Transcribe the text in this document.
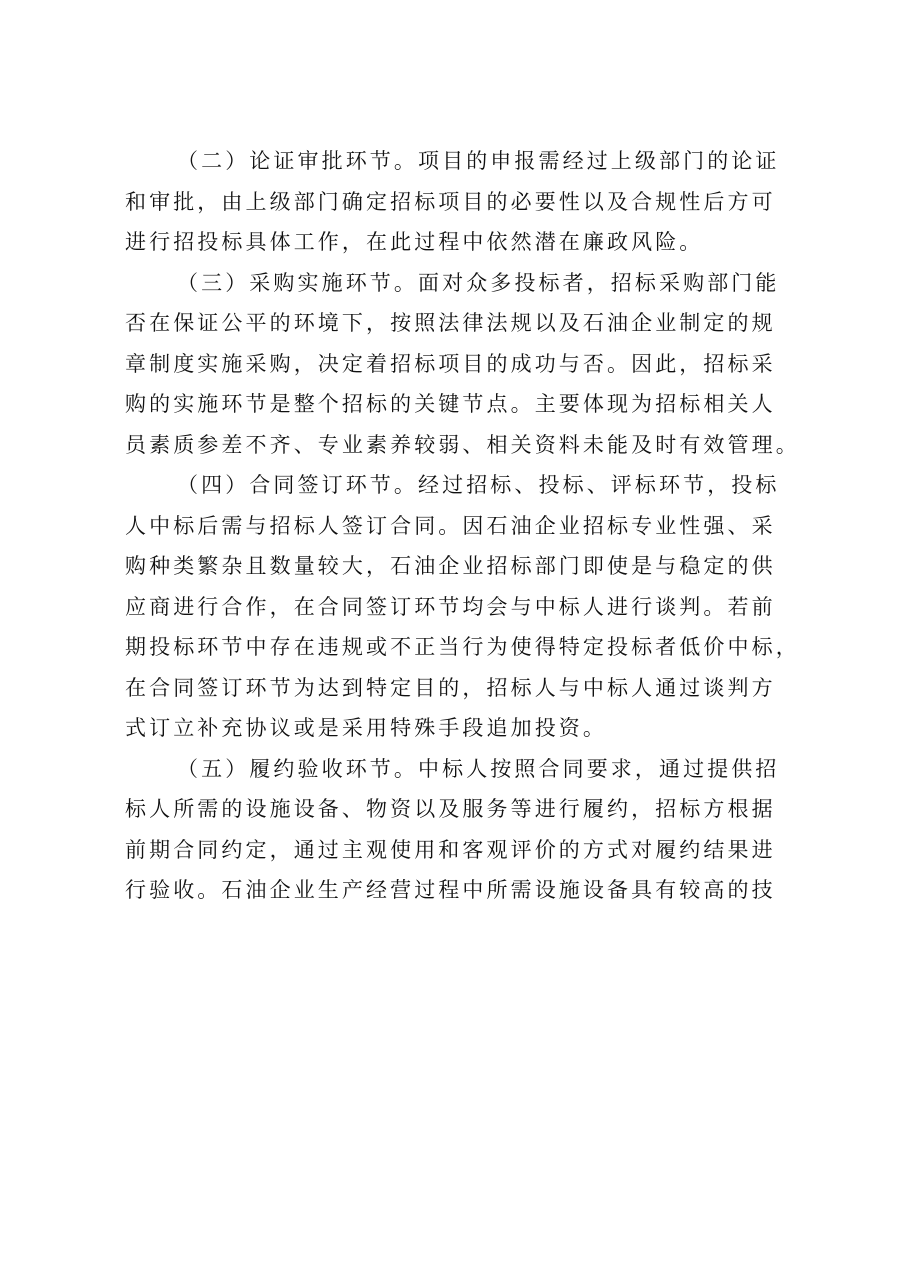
（二）论证审批环节。项目的申报需经过上级部门的论证
和审批，由上级部门确定招标项目的必要性以及合规性后方可
进行招投标具体工作，在此过程中依然潜在廉政风险。
（三）采购实施环节。面对众多投标者，招标采购部门能
否在保证公平的环境下，按照法律法规以及石油企业制定的规
章制度实施采购，决定着招标项目的成功与否。因此，招标采
购的实施环节是整个招标的关键节点。主要体现为招标相关人
员素质参差不齐、专业素养较弱、相关资料未能及时有效管理。
（四）合同签订环节。经过招标、投标、评标环节，投标
人中标后需与招标人签订合同。因石油企业招标专业性强、采
购种类繁杂且数量较大，石油企业招标部门即使是与稳定的供
应商进行合作，在合同签订环节均会与中标人进行谈判。若前
期投标环节中存在违规或不正当行为使得特定投标者低价中标，
在合同签订环节为达到特定目的，招标人与中标人通过谈判方
式订立补充协议或是采用特殊手段追加投资。
（五）履约验收环节。中标人按照合同要求，通过提供招
标人所需的设施设备、物资以及服务等进行履约，招标方根据
前期合同约定，通过主观使用和客观评价的方式对履约结果进
行验收。石油企业生产经营过程中所需设施设备具有较高的技
